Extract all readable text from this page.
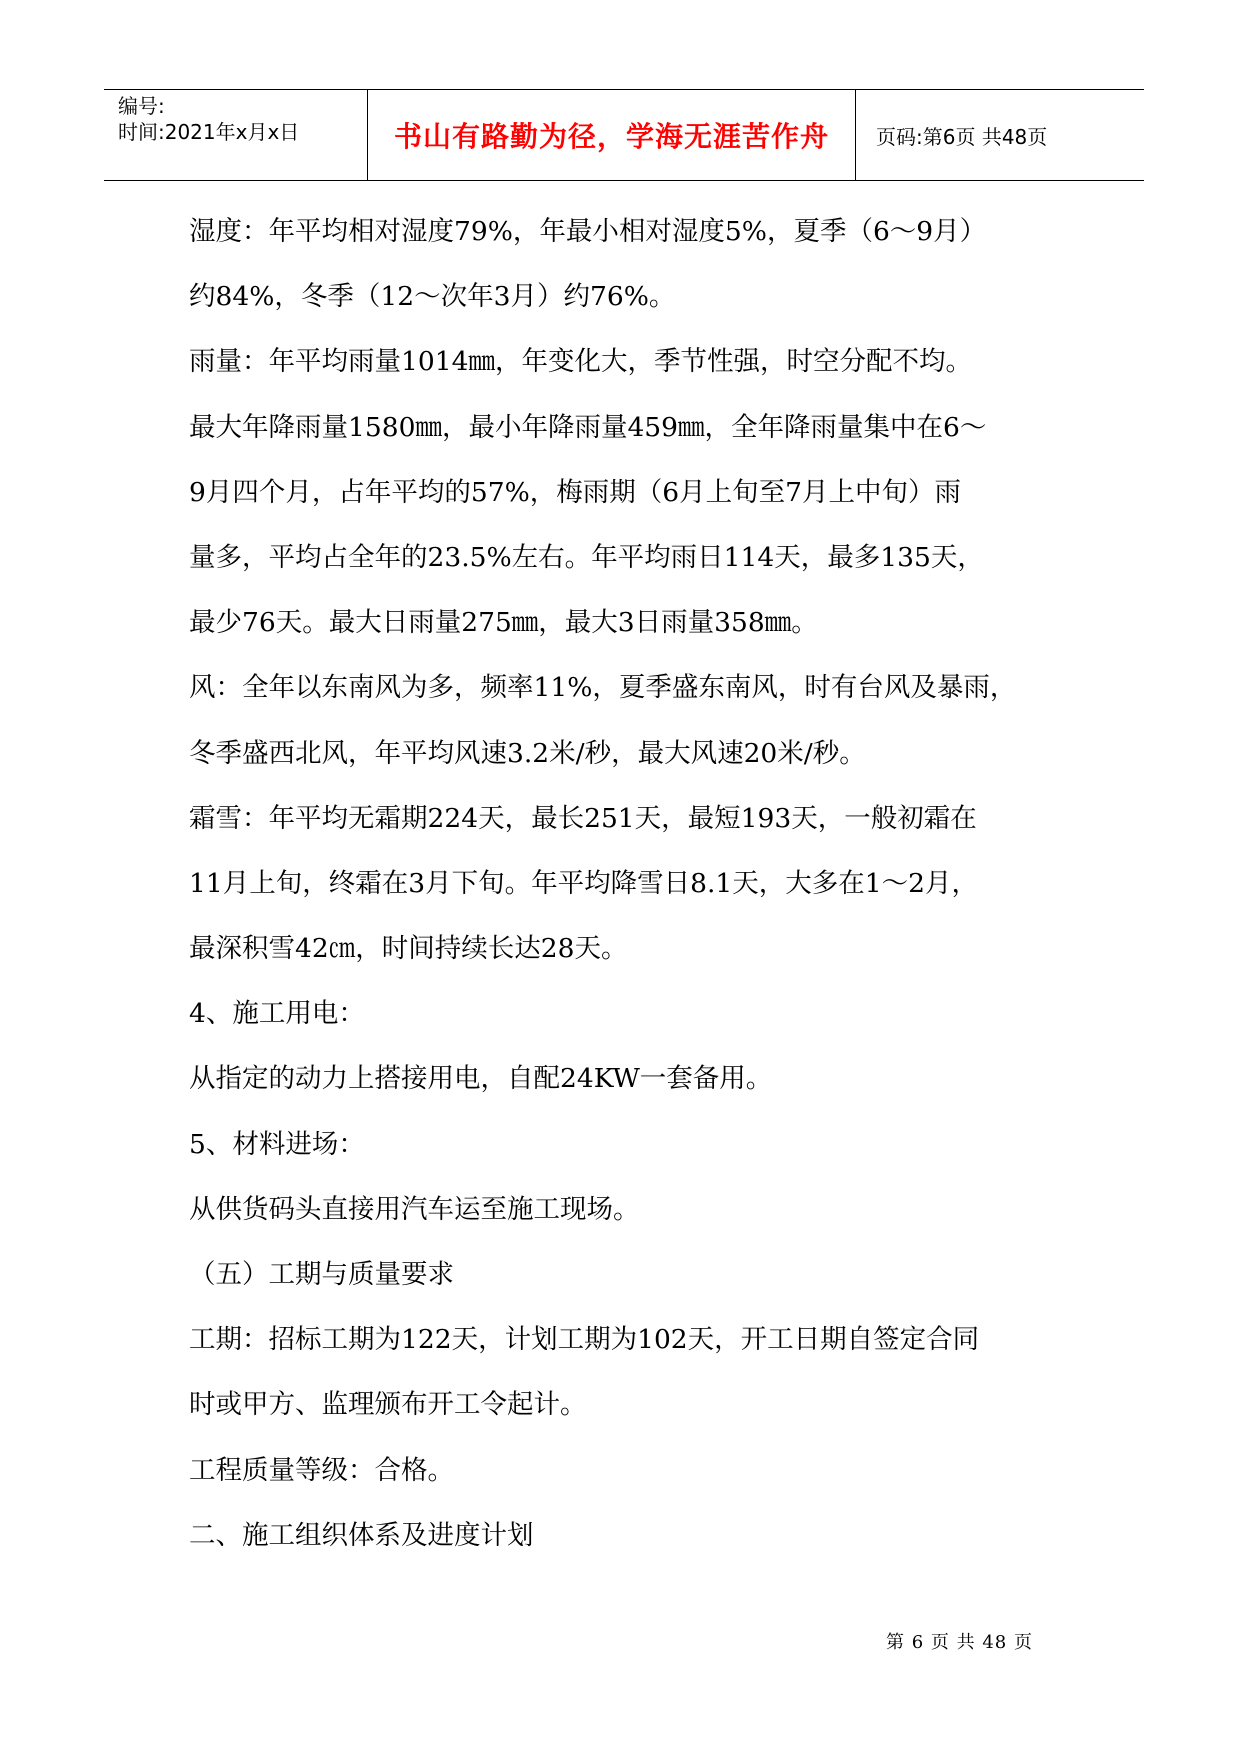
编号:
时间:2021年x月x日	书山有路勤为径，学海无涯苦作舟	页码:第6页 共48页
湿度：年平均相对湿度79%，年最小相对湿度5%，夏季（6～9月）
约84%，冬季（12～次年3月）约76%。
雨量：年平均雨量1014㎜，年变化大，季节性强，时空分配不均。
最大年降雨量1580㎜，最小年降雨量459㎜，全年降雨量集中在6～
9月四个月，占年平均的57%，梅雨期（6月上旬至7月上中旬）雨
量多，平均占全年的23.5%左右。年平均雨日114天，最多135天，
最少76天。最大日雨量275㎜，最大3日雨量358㎜。
风：全年以东南风为多，频率11%，夏季盛东南风，时有台风及暴雨，
冬季盛西北风，年平均风速3.2米/秒，最大风速20米/秒。
霜雪：年平均无霜期224天，最长251天，最短193天，一般初霜在
11月上旬，终霜在3月下旬。年平均降雪日8.1天，大多在1～2月，
最深积雪42㎝，时间持续长达28天。
4、施工用电：
从指定的动力上搭接用电，自配24KW一套备用。
5、材料进场：
从供货码头直接用汽车运至施工现场。
（五）工期与质量要求
工期：招标工期为122天，计划工期为102天，开工日期自签定合同
时或甲方、监理颁布开工令起计。
工程质量等级：合格。
二、施工组织体系及进度计划
第 6 页 共 48 页
